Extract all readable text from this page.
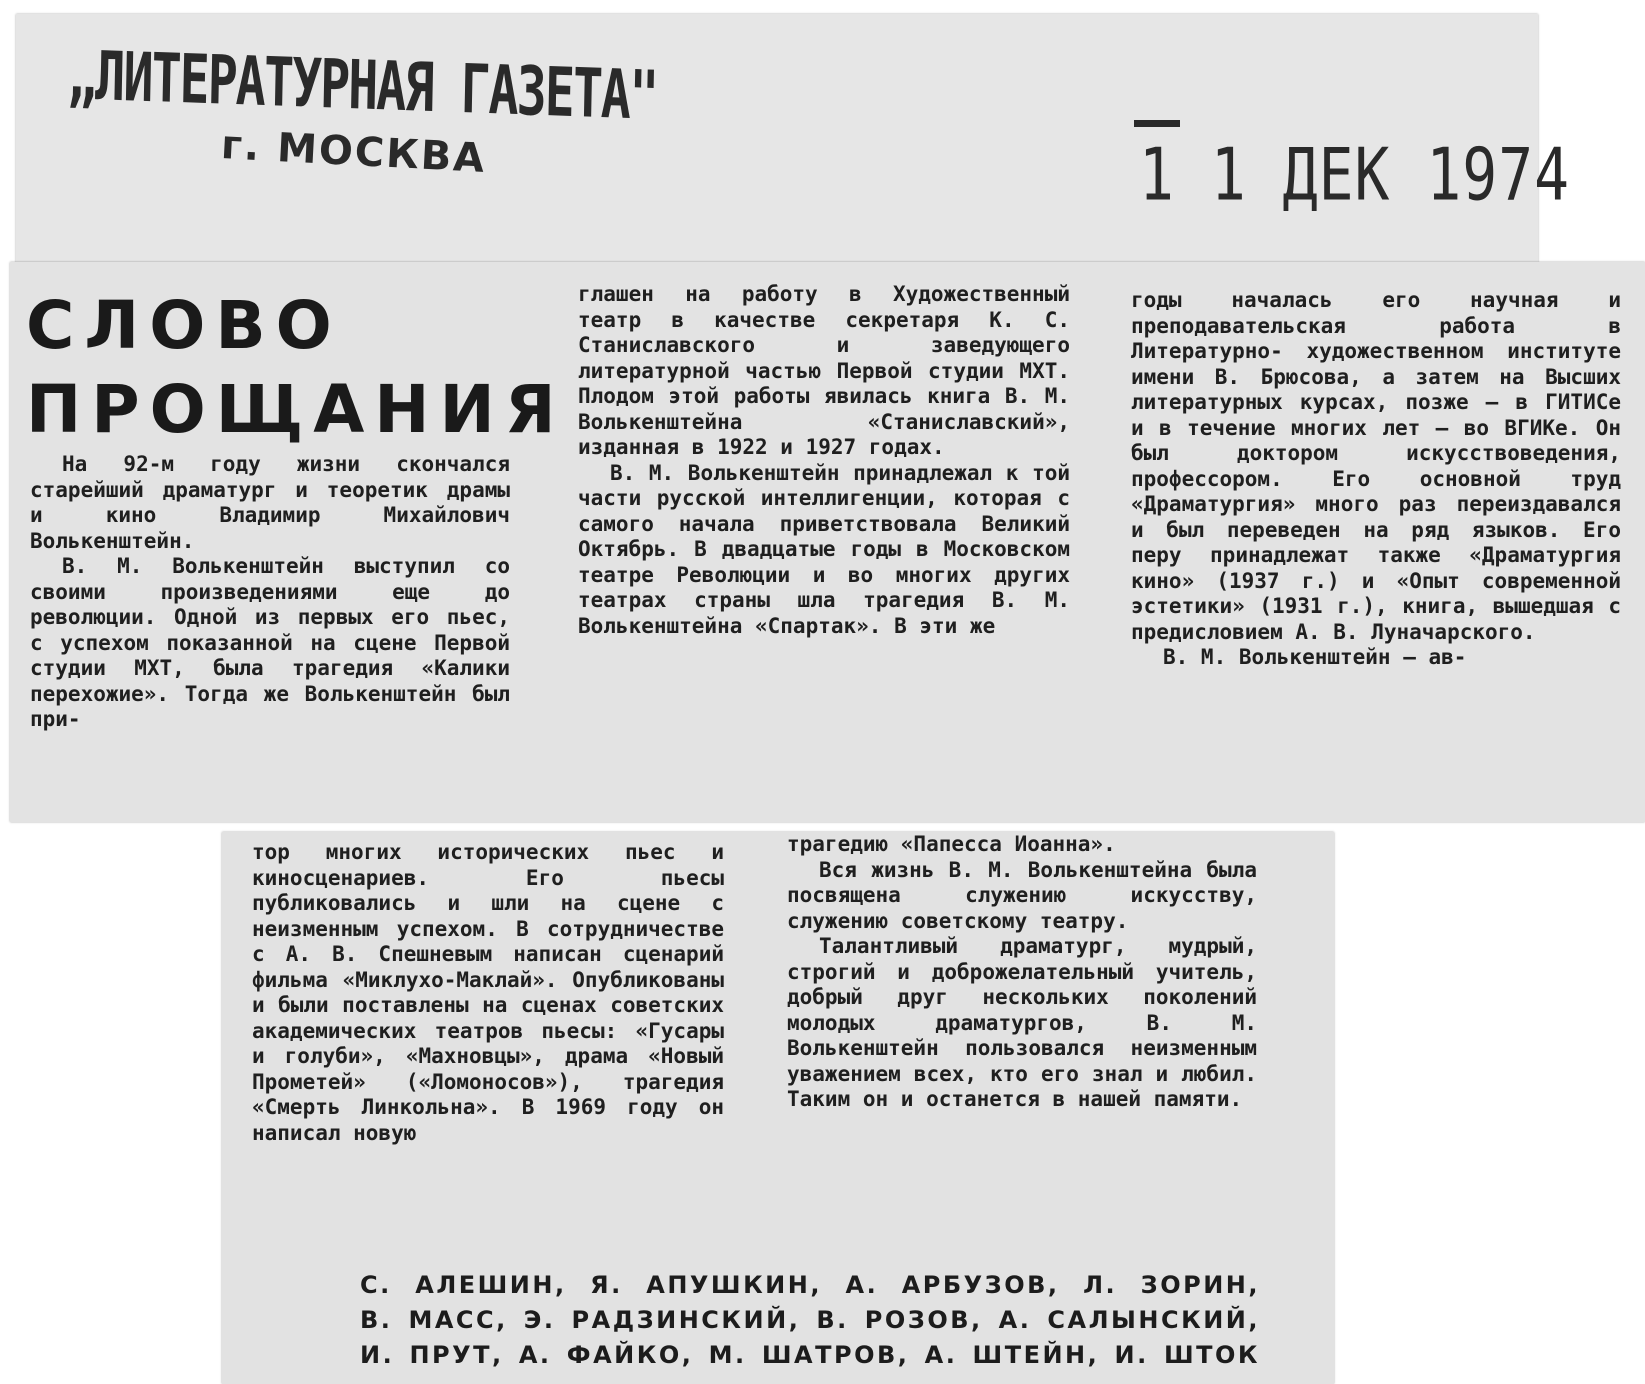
„ЛИТЕРАТУРНАЯ ГАЗЕТА"
г. МОСКВА	1 1 ДЕК 1974
СЛОВО
ПРОЩАНИЯ

На 92-м году жизни скончался старейший драматург и теоретик драмы и кино Владимир Михайлович Волькенштейн.

В. М. Волькенштейн выступил со своими произведениями еще до революции. Одной из первых его пьес, с успехом показанной на сцене Первой студии МХТ, была трагедия «Калики перехожие». Тогда же Волькенштейн был при-

глашен на работу в Художественный театр в качестве секретаря К. С. Станиславского и заведующего литературной частью Первой студии МХТ. Плодом этой работы явилась книга В. М. Волькенштейна «Станиславский», изданная в 1922 и 1927 годах.

В. М. Волькенштейн принадлежал к той части русской интеллигенции, которая с самого начала приветствовала Великий Октябрь. В двадцатые годы в Московском театре Революции и во многих других театрах страны шла трагедия В. М. Волькенштейна «Спартак». В эти же

годы началась его научная и преподавательская работа в Литературно- художественном институте имени В. Брюсова, а затем на Высших литературных курсах, позже — в ГИТИСе и в течение многих лет — во ВГИКе. Он был доктором искусствоведения, профессором. Его основной труд «Драматургия» много раз переиздавался и был переведен на ряд языков. Его перу принадлежат также «Драматургия кино» (1937 г.) и «Опыт современной эстетики» (1931 г.), книга, вышедшая с предисловием А. В. Луначарского.

В. М. Волькенштейн — ав-

тор многих исторических пьес и киносценариев. Его пьесы публиковались и шли на сцене с неизменным успехом. В сотрудничестве с А. В. Спешневым написан сценарий фильма «Миклухо-Маклай». Опубликованы и были поставлены на сценах советских академических театров пьесы: «Гусары и голуби», «Махновцы», драма «Новый Прометей» («Ломоносов»), трагедия «Смерть Линкольна». В 1969 году он написал новую

трагедию «Папесса Иоанна».

Вся жизнь В. М. Волькенштейна была посвящена служению искусству, служению советскому театру.

Талантливый драматург, мудрый, строгий и доброжелательный учитель, добрый друг нескольких поколений молодых драматургов, В. М. Волькенштейн пользовался неизменным уважением всех, кто его знал и любил. Таким он и останется в нашей памяти.

С. АЛЕШИН, Я. АПУШКИН, А. АРБУЗОВ, Л. ЗОРИН,
В. МАСС, Э. РАДЗИНСКИЙ, В. РОЗОВ, А. САЛЫНСКИЙ,
И. ПРУТ, А. ФАЙКО, М. ШАТРОВ, А. ШТЕЙН, И. ШТОК
